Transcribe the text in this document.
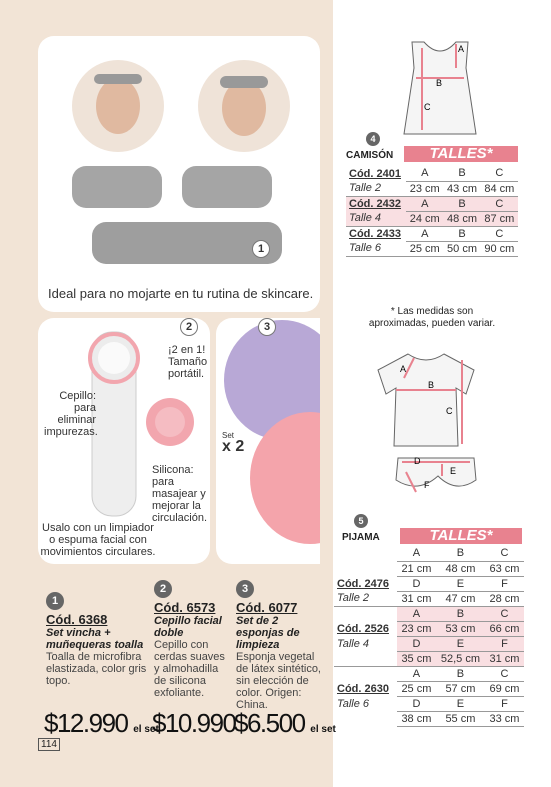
1
Ideal para no mojarte en tu rutina de skincare.
2
¡2 en 1! Tamaño portátil.
Cepillo: para eliminar impurezas.
Silicona: para masajear y mejorar la circulación.
Usalo con un limpiador o espuma facial con movimientos circulares.
3
Set
x 2
1
Cód. 6368
Set vincha + muñequeras toalla
Toalla de microfibra elastizada, color gris topo.
$12.990 el set
2
Cód. 6573
Cepillo facial doble
Cepillo con cerdas suaves y almohadilla de silicona exfoliante.
$10.990
3
Cód. 6077
Set de 2 esponjas de limpieza
Esponja vegetal de látex sintético, sin elección de color. Origen: China.
$6.500 el set
114
A
B
C
4
CAMISÓN	TALLES*
Cód. 2401	A	B	C
Talle 2	23 cm	43 cm	84 cm
Cód. 2432	A	B	C
Talle 4	24 cm	48 cm	87 cm
Cód. 2433	A	B	C
Talle 6	25 cm	50 cm	90 cm
* Las medidas son aproximadas, pueden variar.
A
B
C
D
E
F
5
PIJAMA	TALLES*
	A	B	C
	21 cm	48 cm	63 cm
Cód. 2476	D	E	F
Talle 2	31 cm	47 cm	28 cm
	A	B	C
Cód. 2526	23 cm	53 cm	66 cm
Talle 4	D	E	F
	35 cm	52,5 cm	31 cm
	A	B	C
Cód. 2630	25 cm	57 cm	69 cm
Talle 6	D	E	F
	38 cm	55 cm	33 cm
